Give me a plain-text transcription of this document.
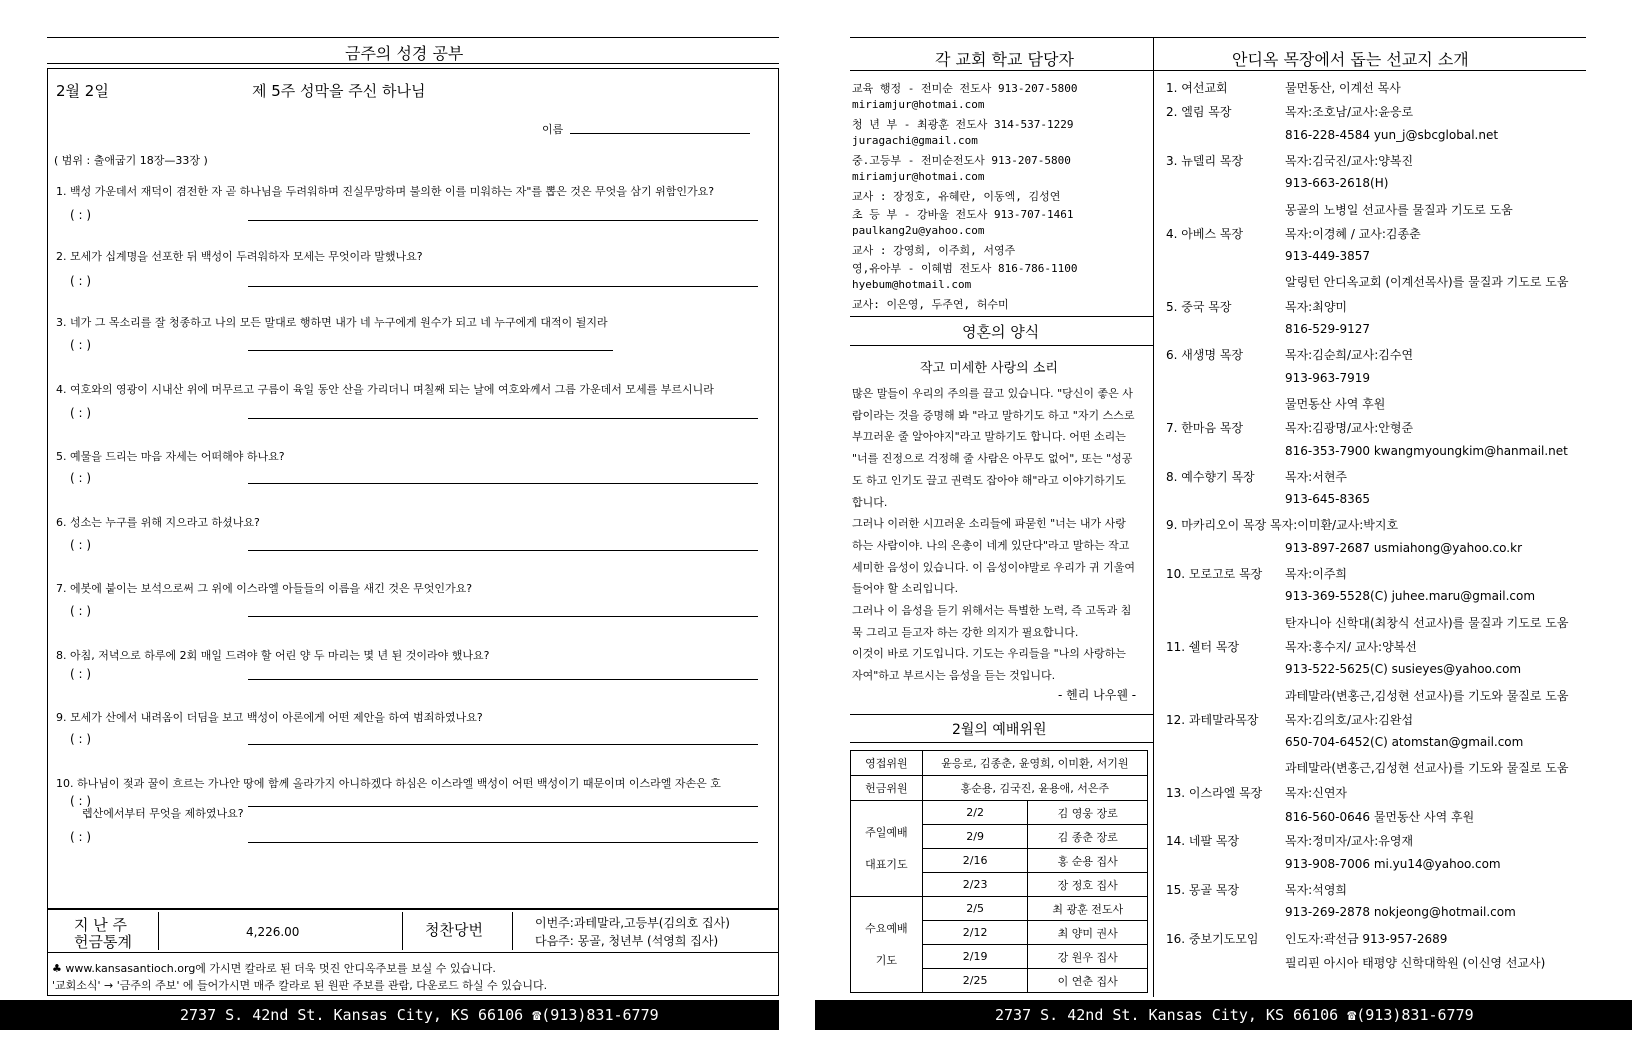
금주의 성경 공부
2월 2일	제 5주 성막을 주신 하나님
이름
( 범위 : 출애굽기 18장—33장 )
1. 백성 가운데서 재덕이 겸전한 자 곧 하나님을 두려워하며 진실무망하며 불의한 이를 미워하는 자"를 뽑은 것은 무엇을 삼기 위함인가요?
2. 모세가 십계명을 선포한 뒤 백성이 두려워하자 모세는 무엇이라 말했나요?
3. 네가 그 목소리를 잘 청종하고 나의 모든 말대로 행하면 내가 네 누구에게 원수가 되고 네 누구에게 대적이 될지라
4. 여호와의 영광이 시내산 위에 머무르고 구름이 육일 동안 산을 가리더니 며칠째 되는 날에 여호와께서 그름 가운데서 모세를 부르시니라
5. 예물을 드리는 마음 자세는 어떠해야 하나요?
6. 성소는 누구를 위해 지으라고 하셨나요?
7. 에봇에 붙이는 보석으로써 그 위에 이스라엘 아들들의 이름을 새긴 것은 무엇인가요?
8. 아침, 저녁으로 하루에 2회 매일 드려야 할 어린 양 두 마리는 몇 년 된 것이라야 했나요?
9. 모세가 산에서 내려옴이 더딤을 보고 백성이 아론에게 어떤 제안을 하여 범죄하였나요?
10. 하나님이 젖과 꿀이 흐르는 가나안 땅에 함께 올라가지 아니하겠다 하심은 이스라엘 백성이 어떤 백성이기 때문이며 이스라엘 자손은 호
렙산에서부터 무엇을 제하였나요?
( : )
( : )
( : )
( : )
( : )
( : )
( : )
( : )
( : )
( : )
( : )
지 난 주
헌금통계
4,226.00	청찬당번	이번주:과테말라,고등부(김의호 집사)
다음주: 몽골, 청년부 (석영희 집사)
♣ www.kansasantioch.org에 가시면 칼라로 된 더욱 멋진 안디옥주보를 보실 수 있습니다.
'교회소식' → '금주의 주보' 에 들어가시면 매주 칼라로 된 원판 주보를 관람, 다운로드 하실 수 있습니다.
2737 S. 42nd St. Kansas City, KS 66106 ☎(913)831-6779
각 교회 학교 담당자
교육 행정 - 전미순 전도사 913-207-5800
miriamjur@hotmai.com
청 년 부 - 최광훈 전도사 314-537-1229
juragachi@gmail.com
중.고등부 - 전미순전도사 913-207-5800
miriamjur@hotmai.com
교사 : 장정호, 유혜란, 이동엑, 김성연
초 등 부 - 강바울 전도사 913-707-1461
paulkang2u@yahoo.com
교사 : 강영희, 이주희, 서영주
영,유아부 - 이혜범 전도사 816-786-1100
hyebum@hotmail.com
교사: 이은영, 두주연, 허수미
영혼의 양식
작고 미세한 사랑의 소리
많은 말들이 우리의 주의를 끌고 있습니다. "당신이 좋은 사
람이라는 것을 증명해 봐 "라고 말하기도 하고 "자기 스스로
부끄러운 줄 알아야지"라고 말하기도 합니다. 어떤 소리는
"너를 진정으로 걱정해 줄 사람은 아무도 없어", 또는 "성공
도 하고 인기도 끌고 권력도 잡아야 해"라고 이야기하기도
합니다.
그러나 이러한 시끄러운 소리들에 파묻힌 "너는 내가 사랑
하는 사람이야. 나의 은총이 네게 있단다"라고 말하는 작고
세미한 음성이 있습니다. 이 음성이야말로 우리가 귀 기울여
들어야 할 소리입니다.
그러나 이 음성을 듣기 위해서는 특별한 노력, 즉 고독과 침
묵 그리고 듣고자 하는 강한 의지가 필요합니다.
이것이 바로 기도입니다. 기도는 우리들을 "나의 사랑하는
자여"하고 부르시는 음성을 듣는 것입니다.
- 헨리 나우웬 -
2월의 예배위원
영접위원	윤응로, 김종춘, 윤영희, 이미환, 서기원	
헌금위원	홍순용, 김국진, 윤용애, 서은주	
주일예배
대표기도	2/2	김 영웅 장로
	2/9	김 종춘 장로
	2/16	홍 순용 집사
	2/23	장 정호 집사
수요예배
기도	2/5	최 광훈 전도사
	2/12	최 양미 권사
	2/19	강 원우 집사
	2/25	이 연춘 집사
안디옥 목장에서 돕는 선교지 소개
1. 여선교회	물먼동산, 이계선 목사
2. 엘림 목장	목자:조호남/교사:윤응로
816-228-4584 yun_j@sbcglobal.net
3. 뉴델리 목장	목자:김국진/교사:양복진
913-663-2618(H)
몽골의 노병일 선교사를 물질과 기도로 도움
4. 아베스 목장	목자:이경혜 / 교사:김종춘
913-449-3857
알링턴 안디옥교회 (이계선목사)를 물질과 기도로 도움
5. 중국 목장	목자:최양미
816-529-9127
6. 새생명 목장	목자:김순희/교사:김수연
913-963-7919
물먼동산 사역 후원
7. 한마음 목장	목자:김광명/교사:안형준
816-353-7900 kwangmyoungkim@hanmail.net
8. 예수향기 목장	목자:서현주
913-645-8365
9. 마카리오이 목장 목자:이미환/교사:박지호
913-897-2687 usmiahong@yahoo.co.kr
10. 모로고로 목장 목자:이주희
913-369-5528(C) juhee.maru@gmail.com
탄자니아 신학대(최창식 선교사)를 물질과 기도로 도움
11. 쉘터 목장	목자:홍수지/ 교사:양복선
913-522-5625(C) susieyes@yahoo.com
과테말라(변홍근,김성현 선교사)를 기도와 물질로 도움
12. 과테말라목장 목자:김의호/교사:김완섭
650-704-6452(C) atomstan@gmail.com
과테말라(변홍근,김성현 선교사)를 기도와 물질로 도움
13. 이스라엘 목장 목자:신연자
816-560-0646 물먼동산 사역 후원
14. 네팔 목장	목자:정미자/교사:유영재
913-908-7006 mi.yu14@yahoo.com
15. 몽골 목장	목자:석영희
913-269-2878 nokjeong@hotmail.com
16. 중보기도모임 인도자:곽선금 913-957-2689
필리핀 아시아 태평양 신학대학원 (이신영 선교사)
2737 S. 42nd St. Kansas City, KS 66106 ☎(913)831-6779
